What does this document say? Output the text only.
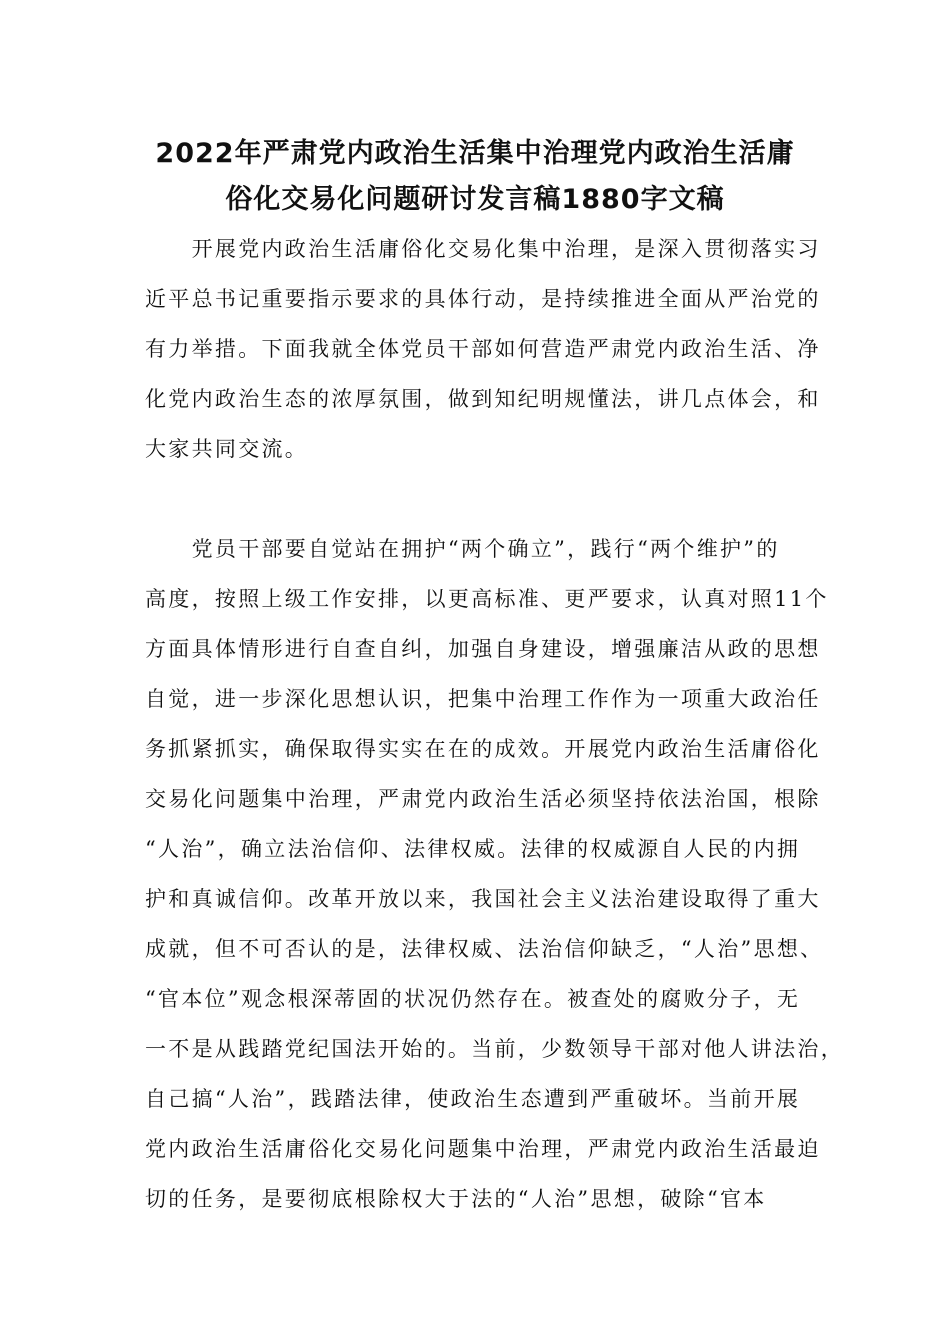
2022年严肃党内政治生活集中治理党内政治生活庸
俗化交易化问题研讨发言稿1880字文稿
　　开展党内政治生活庸俗化交易化集中治理，是深入贯彻落实习
近平总书记重要指示要求的具体行动，是持续推进全面从严治党的
有力举措。下面我就全体党员干部如何营造严肃党内政治生活、净
化党内政治生态的浓厚氛围，做到知纪明规懂法，讲几点体会，和
大家共同交流。
　　党员干部要自觉站在拥护“两个确立”，践行“两个维护”的
高度，按照上级工作安排，以更高标准、更严要求，认真对照11个
方面具体情形进行自查自纠，加强自身建设，增强廉洁从政的思想
自觉，进一步深化思想认识，把集中治理工作作为一项重大政治任
务抓紧抓实，确保取得实实在在的成效。开展党内政治生活庸俗化
交易化问题集中治理，严肃党内政治生活必须坚持依法治国，根除
“人治”，确立法治信仰、法律权威。法律的权威源自人民的内拥
护和真诚信仰。改革开放以来，我国社会主义法治建设取得了重大
成就，但不可否认的是，法律权威、法治信仰缺乏，“人治”思想、
“官本位”观念根深蒂固的状况仍然存在。被查处的腐败分子，无
一不是从践踏党纪国法开始的。当前，少数领导干部对他人讲法治，
自己搞“人治”，践踏法律，使政治生态遭到严重破坏。当前开展
党内政治生活庸俗化交易化问题集中治理，严肃党内政治生活最迫
切的任务，是要彻底根除权大于法的“人治”思想，破除“官本
